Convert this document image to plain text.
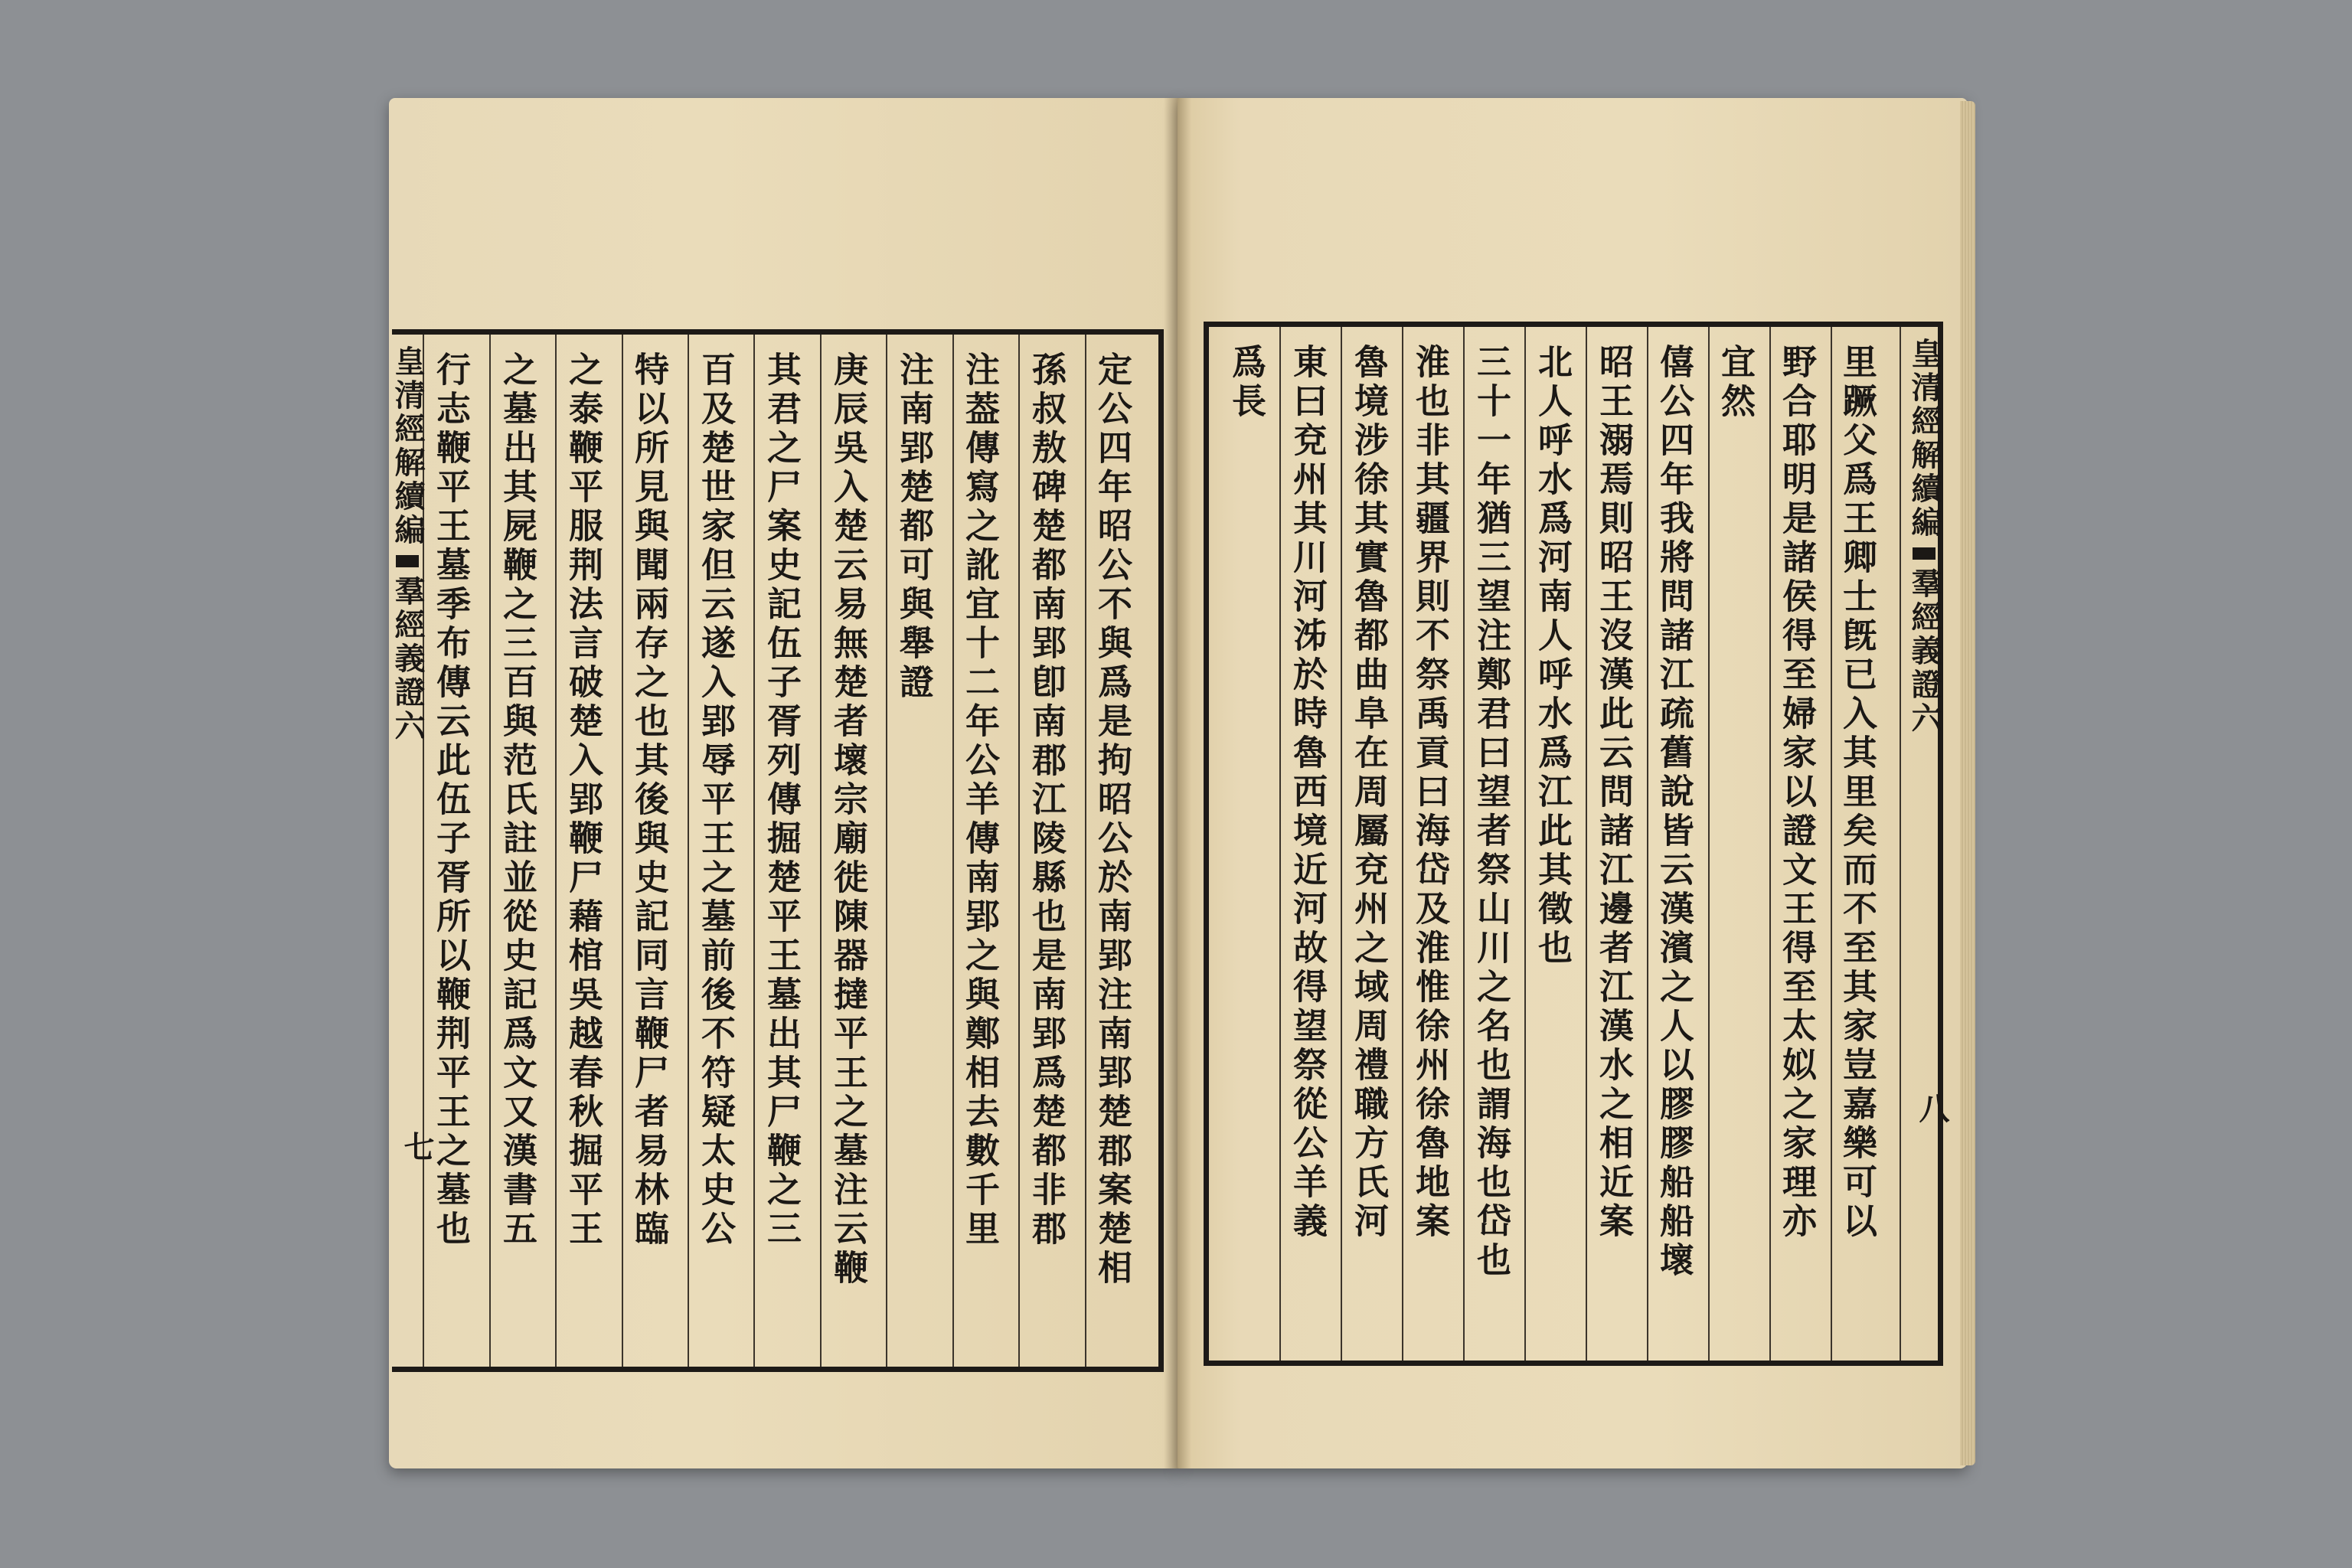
定公四年昭公不與爲是拘昭公於南郢注南郢楚郡案楚相
孫叔敖碑楚都南郢卽南郡江陵縣也是南郢爲楚都非郡
注葢傳寫之訛宜十二年公羊傳南郢之與鄭相去數千里
注南郢楚都可與舉證
庚辰吳入楚云易無楚者壞宗廟徙陳器撻平王之墓注云鞭
其君之尸案史記伍子胥列傳掘楚平王墓出其尸鞭之三
百及楚世家但云遂入郢辱平王之墓前後不符疑太史公
特以所見與聞兩存之也其後與史記同言鞭尸者易林臨
之泰鞭平服荆法言破楚入郢鞭尸藉棺吳越春秋掘平王
之墓出其屍鞭之三百與范氏註並從史記爲文又漢書五
行志鞭平王墓季布傳云此伍子胥所以鞭荆平王之墓也
皇清經解續編羣經義證六
七
皇清經解續編羣經義證六
八
里蹶父爲王卿士旣已入其里矣而不至其家豈嘉樂可以
野合耶明是諸侯得至婦家以證文王得至太姒之家理亦
宜然
僖公四年我將問諸江疏舊說皆云漢濱之人以膠膠船船壞
昭王溺焉則昭王沒漢此云問諸江邊者江漢水之相近案
北人呼水爲河南人呼水爲江此其徵也
三十一年猶三望注鄭君曰望者祭山川之名也謂海也岱也
淮也非其疆界則不祭禹貢曰海岱及淮惟徐州徐魯地案
魯境涉徐其實魯都曲阜在周屬兗州之域周禮職方氏河
東曰兗州其川河泲於時魯西境近河故得望祭從公羊義
爲長
